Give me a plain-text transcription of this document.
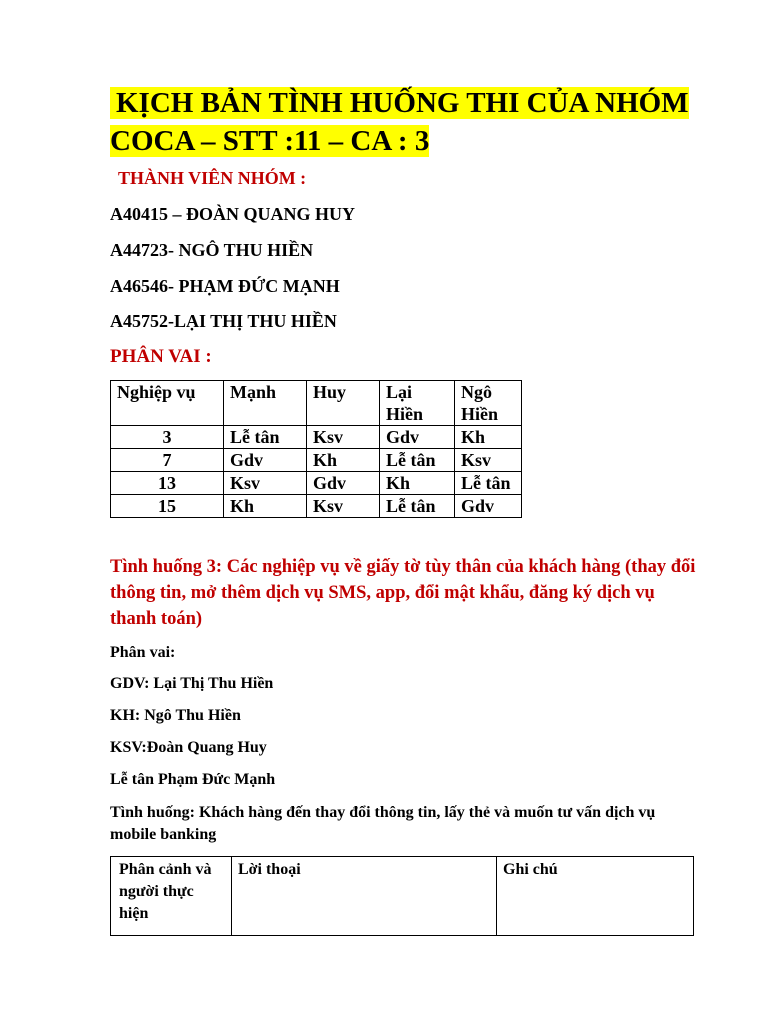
KỊCH BẢN TÌNH HUỐNG THI CỦA NHÓM
COCA – STT :11 – CA : 3

THÀNH VIÊN NHÓM :

A40415 – ĐOÀN QUANG HUY

A44723- NGÔ THU HIỀN

A46546- PHẠM ĐỨC MẠNH

A45752-LẠI THỊ THU HIỀN

PHÂN VAI :

Nghiệp vụ	Mạnh	Huy	Lại Hiền	Ngô Hiền
3	Lễ tân	Ksv	Gdv	Kh
7	Gdv	Kh	Lễ tân	Ksv
13	Ksv	Gdv	Kh	Lễ tân
15	Kh	Ksv	Lễ tân	Gdv

Tình huống 3: Các nghiệp vụ về giấy tờ tùy thân của khách hàng (thay đổi thông tin, mở thêm dịch vụ SMS, app, đổi mật khẩu, đăng ký dịch vụ thanh toán)

Phân vai:

GDV: Lại Thị Thu Hiền

KH: Ngô Thu Hiền

KSV:Đoàn Quang Huy

Lễ tân Phạm Đức Mạnh

Tình huống: Khách hàng đến thay đổi thông tin, lấy thẻ và muốn tư vấn dịch vụ mobile banking

Phân cảnh và người thực hiện	Lời thoại	Ghi chú
